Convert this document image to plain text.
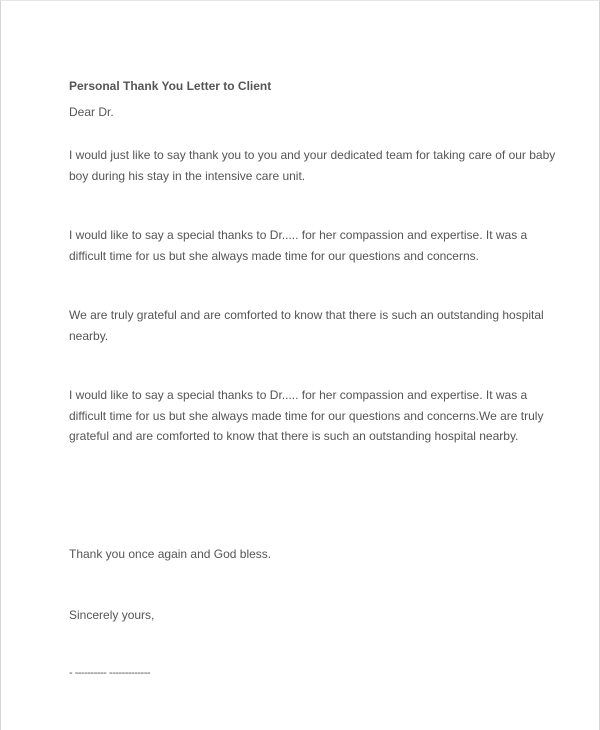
Personal Thank You Letter to Client

Dear Dr.

I would just like to say thank you to you and your dedicated team for taking care of our baby boy during his stay in the intensive care unit.

I would like to say a special thanks to Dr..... for her compassion and expertise. It was a difficult time for us but she always made time for our questions and concerns.

We are truly grateful and are comforted to know that there is such an outstanding hospital nearby.

I would like to say a special thanks to Dr..... for her compassion and expertise. It was a difficult time for us but she always made time for our questions and concerns.We are truly grateful and are comforted to know that there is such an outstanding hospital nearby.

Thank you once again and God bless.

Sincerely yours,

- ---------- -------------
